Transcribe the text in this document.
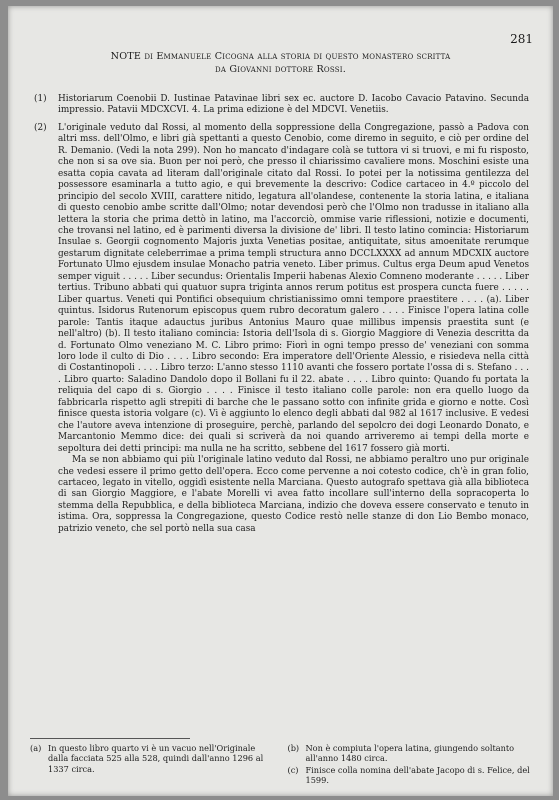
281
NOTE di Emmanuele Cicogna alla storia di questo monastero scritta
da Giovanni dottore Rossi.
(1) Historiarum Coenobii D. Iustinae Patavinae libri sex ec. auctore D. Iacobo Cavacio Patavino. Secunda impressio. Patavii MDCXCVI. 4. La prima edizione è del MDCVI. Venetiis.

(2) L'originale veduto dal Rossi, al momento della soppressione della Congregazione, passò a Padova con altri mss. dell'Olmo, e libri già spettanti a questo Cenobio, come diremo in seguito, e ciò per ordine del R. Demanio. (Vedi la nota 299). Non ho mancato d'indagare colà se tuttora vi si truovi, e mi fu risposto, che non si sa ove sia. Buon per noi però, che presso il chiarissimo cavaliere mons. Moschini esiste una esatta copia cavata ad literam dall'originale citato dal Rossi. Io potei per la notissima gentilezza del possessore esaminarla a tutto agio, e qui brevemente la descrivo: Codice cartaceo in 4.º piccolo del principio del secolo XVIII, carattere nitido, legatura all'olandese, contenente la storia latina, e italiana di questo cenobio ambe scritte dall'Olmo; notar devendosi però che l'Olmo non tradusse in italiano alla lettera la storia che prima dettò in latino, ma l'accorciò, ommise varie riflessioni, notizie e documenti, che trovansi nel latino, ed è parimenti diversa la divisione de' libri. Il testo latino comincia: Historiarum Insulae s. Georgii cognomento Majoris juxta Venetias positae, antiquitate, situs amoenitate rerumque gestarum dignitate celeberrimae a prima templi structura anno DCCLXXXX ad annum MDCXIX auctore Fortunato Ulmo ejusdem insulae Monacho patria veneto. Liber primus. Cultus erga Deum apud Venetos semper viguit . . . . . Liber secundus: Orientalis Imperii habenas Alexio Comneno moderante . . . . . Liber tertius. Tribuno abbati qui quatuor supra triginta annos rerum potitus est prospera cuncta fuere . . . . . Liber quartus. Veneti qui Pontifici obsequium christianissimo omni tempore praestitere . . . . (a). Liber quintus. Isidorus Rutenorum episcopus quem rubro decoratum galero . . . . Finisce l'opera latina colle parole: Tantis itaque adauctus juribus Antonius Mauro quae millibus impensis praestita sunt (e nell'altro) (b). Il testo italiano comincia: Istoria dell'Isola di s. Giorgio Maggiore di Venezia descritta da d. Fortunato Olmo veneziano M. C. Libro primo: Fiorì in ogni tempo presso de' veneziani con somma loro lode il culto di Dio . . . . Libro secondo: Era imperatore dell'Oriente Alessio, e risiedeva nella città di Costantinopoli . . . . Libro terzo: L'anno stesso 1110 avanti che fossero portate l'ossa di s. Stefano . . . . Libro quarto: Saladino Dandolo dopo il Bollani fu il 22. abate . . . . Libro quinto: Quando fu portata la reliquia del capo di s. Giorgio . . . . Finisce il testo italiano colle parole: non era quello luogo da fabbricarla rispetto agli strepiti di barche che le passano sotto con infinite grida e giorno e notte. Così finisce questa istoria volgare (c). Vi è aggiunto lo elenco degli abbati dal 982 al 1617 inclusive. E vedesi che l'autore aveva intenzione di proseguire, perchè, parlando del sepolcro dei dogi Leonardo Donato, e Marcantonio Memmo dice: dei quali si scriverà da noi quando arriveremo ai tempi della morte e sepoltura dei detti principi: ma nulla ne ha scritto, sebbene del 1617 fossero già morti.

Ma se non abbiamo qui più l'originale latino veduto dal Rossi, ne abbiamo peraltro uno pur originale che vedesi essere il primo getto dell'opera. Ecco come pervenne a noi cotesto codice, ch'è in gran folio, cartaceo, legato in vitello, oggidì esistente nella Marciana. Questo autografo spettava già alla biblioteca di san Giorgio Maggiore, e l'abate Morelli vi avea fatto incollare sull'interno della sopracoperta lo stemma della Repubblica, e della biblioteca Marciana, indizio che doveva essere conservato e tenuto in istima. Ora, soppressa la Congregazione, questo Codice restò nelle stanze di don Lio Bembo monaco, patrizio veneto, che sel portò nella sua casa

(a) In questo libro quarto vi è un vacuo nell'Originale dalla facciata 525 alla 528, quindi dall'anno 1296 al 1337 circa.
(b) Non è compiuta l'opera latina, giungendo soltanto all'anno 1480 circa.
(c) Finisce colla nomina dell'abate Jacopo di s. Felice, del 1599.
